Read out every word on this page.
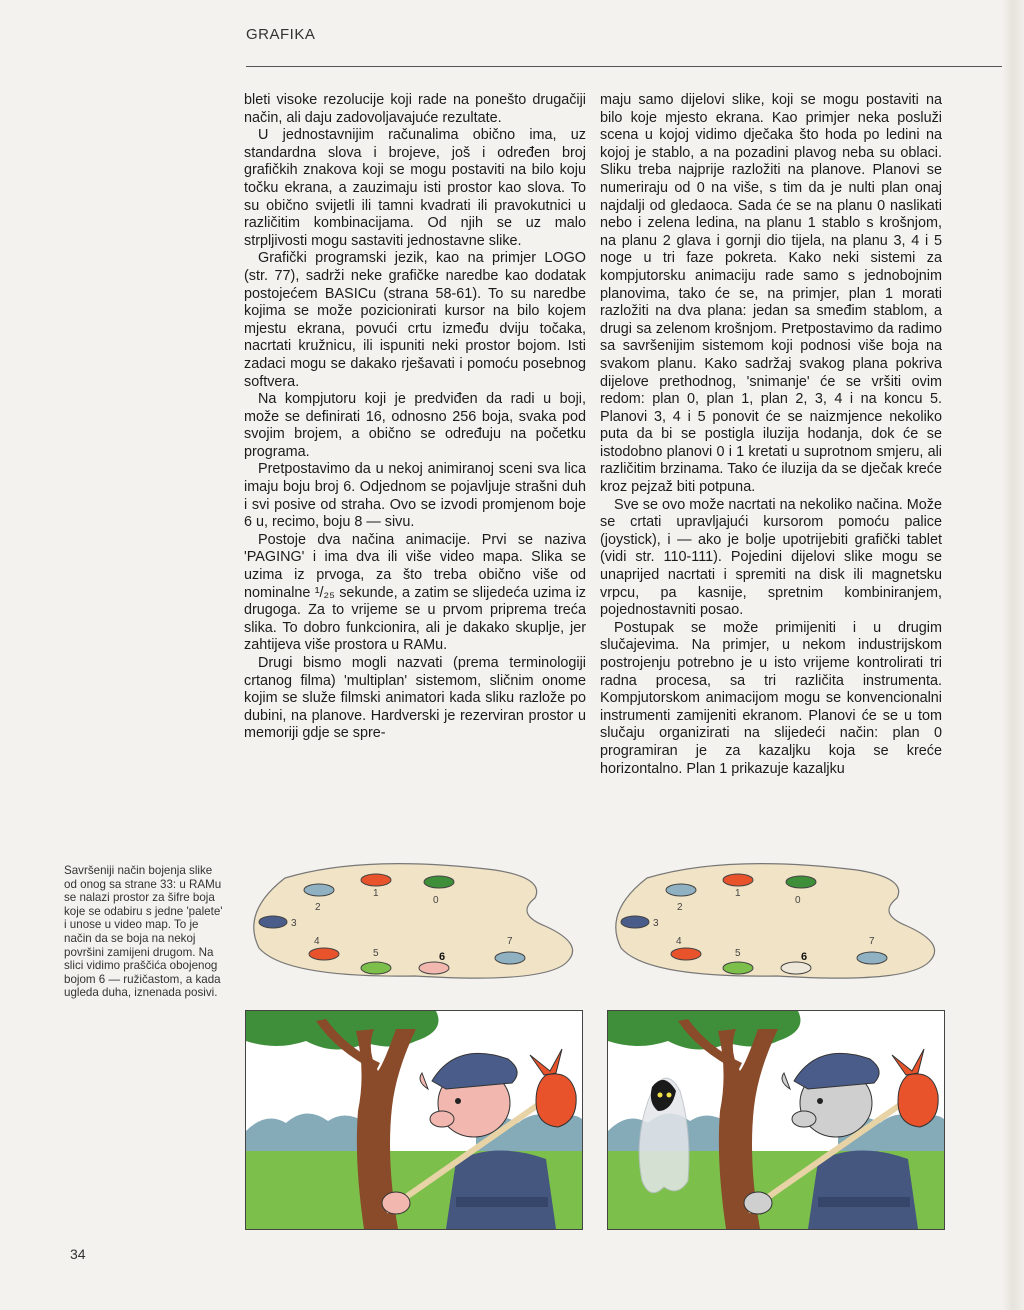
GRAFIKA

bleti visoke rezolucije koji rade na ponešto drugačiji način, ali daju zadovoljavajuće rezultate.

U jednostavnijim računalima obično ima, uz standardna slova i brojeve, još i određen broj grafičkih znakova koji se mogu postaviti na bilo koju točku ekrana, a zauzimaju isti prostor kao slova. To su obično svijetli ili tamni kvadrati ili pravokutnici u različitim kombinacijama. Od njih se uz malo strpljivosti mogu sastaviti jednostavne slike.

Grafički programski jezik, kao na primjer LOGO (str. 77), sadrži neke grafičke naredbe kao dodatak postojećem BASICu (strana 58-61). To su naredbe kojima se može pozicionirati kursor na bilo kojem mjestu ekrana, povući crtu između dviju točaka, nacrtati kružnicu, ili ispuniti neki prostor bojom. Isti zadaci mogu se dakako rješavati i pomoću posebnog softvera.

Na kompjutoru koji je predviđen da radi u boji, može se definirati 16, odnosno 256 boja, svaka pod svojim brojem, a obično se određuju na početku programa.

Pretpostavimo da u nekoj animiranoj sceni sva lica imaju boju broj 6. Odjednom se pojavljuje strašni duh i svi posive od straha. Ovo se izvodi promjenom boje 6 u, recimo, boju 8 — sivu.

Postoje dva načina animacije. Prvi se naziva 'PAGING' i ima dva ili više video mapa. Slika se uzima iz prvoga, za što treba obično više od nominalne ¹/₂₅ sekunde, a zatim se slijedeća uzima iz drugoga. Za to vrijeme se u prvom priprema treća slika. To dobro funkcionira, ali je dakako skuplje, jer zahtijeva više prostora u RAMu.

Drugi bismo mogli nazvati (prema terminologiji crtanog filma) 'multiplan' sistemom, sličnim onome kojim se služe filmski animatori kada sliku razlože po dubini, na planove. Hardverski je rezerviran prostor u memoriji gdje se spre-

maju samo dijelovi slike, koji se mogu postaviti na bilo koje mjesto ekrana. Kao primjer neka posluži scena u kojoj vidimo dječaka što hoda po ledini na kojoj je stablo, a na pozadini plavog neba su oblaci. Sliku treba najprije razložiti na planove. Planovi se numeriraju od 0 na više, s tim da je nulti plan onaj najdalji od gledaoca. Sada će se na planu 0 naslikati nebo i zelena ledina, na planu 1 stablo s krošnjom, na planu 2 glava i gornji dio tijela, na planu 3, 4 i 5 noge u tri faze pokreta. Kako neki sistemi za kompjutorsku animaciju rade samo s jednobojnim planovima, tako će se, na primjer, plan 1 morati razložiti na dva plana: jedan sa smeđim stablom, a drugi sa zelenom krošnjom. Pretpostavimo da radimo sa savršenijim sistemom koji podnosi više boja na svakom planu. Kako sadržaj svakog plana pokriva dijelove prethodnog, 'snimanje' će se vršiti ovim redom: plan 0, plan 1, plan 2, 3, 4 i na koncu 5. Planovi 3, 4 i 5 ponovit će se naizmjence nekoliko puta da bi se postigla iluzija hodanja, dok će se istodobno planovi 0 i 1 kretati u suprotnom smjeru, ali različitim brzinama. Tako će iluzija da se dječak kreće kroz pejzaž biti potpuna.

Sve se ovo može nacrtati na nekoliko načina. Može se crtati upravljajući kursorom pomoću palice (joystick), i — ako je bolje upotrijebiti grafički tablet (vidi str. 110-111). Pojedini dijelovi slike mogu se unaprijed nacrtati i spremiti na disk ili magnetsku vrpcu, pa kasnije, spretnim kombiniranjem, pojednostavniti posao.

Postupak se može primijeniti i u drugim slučajevima. Na primjer, u nekom industrijskom postrojenju potrebno je u isto vrijeme kontrolirati tri radna procesa, sa tri različita instrumenta. Kompjutorskom animacijom mogu se konvencionalni instrumenti zamijeniti ekranom. Planovi će se u tom slučaju organizirati na slijedeći način: plan 0 programiran je za kazaljku koja se kreće horizontalno. Plan 1 prikazuje kazaljku

Savršeniji način bojenja slike od onog sa strane 33: u RAMu se nalazi prostor za šifre boja koje se odabiru s jedne 'palete' i unose u video map. To je način da se boja na nekoj površini zamijeni drugom. Na slici vidimo praščića obojenog bojom 6 — ružičastom, a kada ugleda duha, iznenada posivi.
34
0
1
2
3
4
5	6
7
0
1
2
3
4
5	6
7
